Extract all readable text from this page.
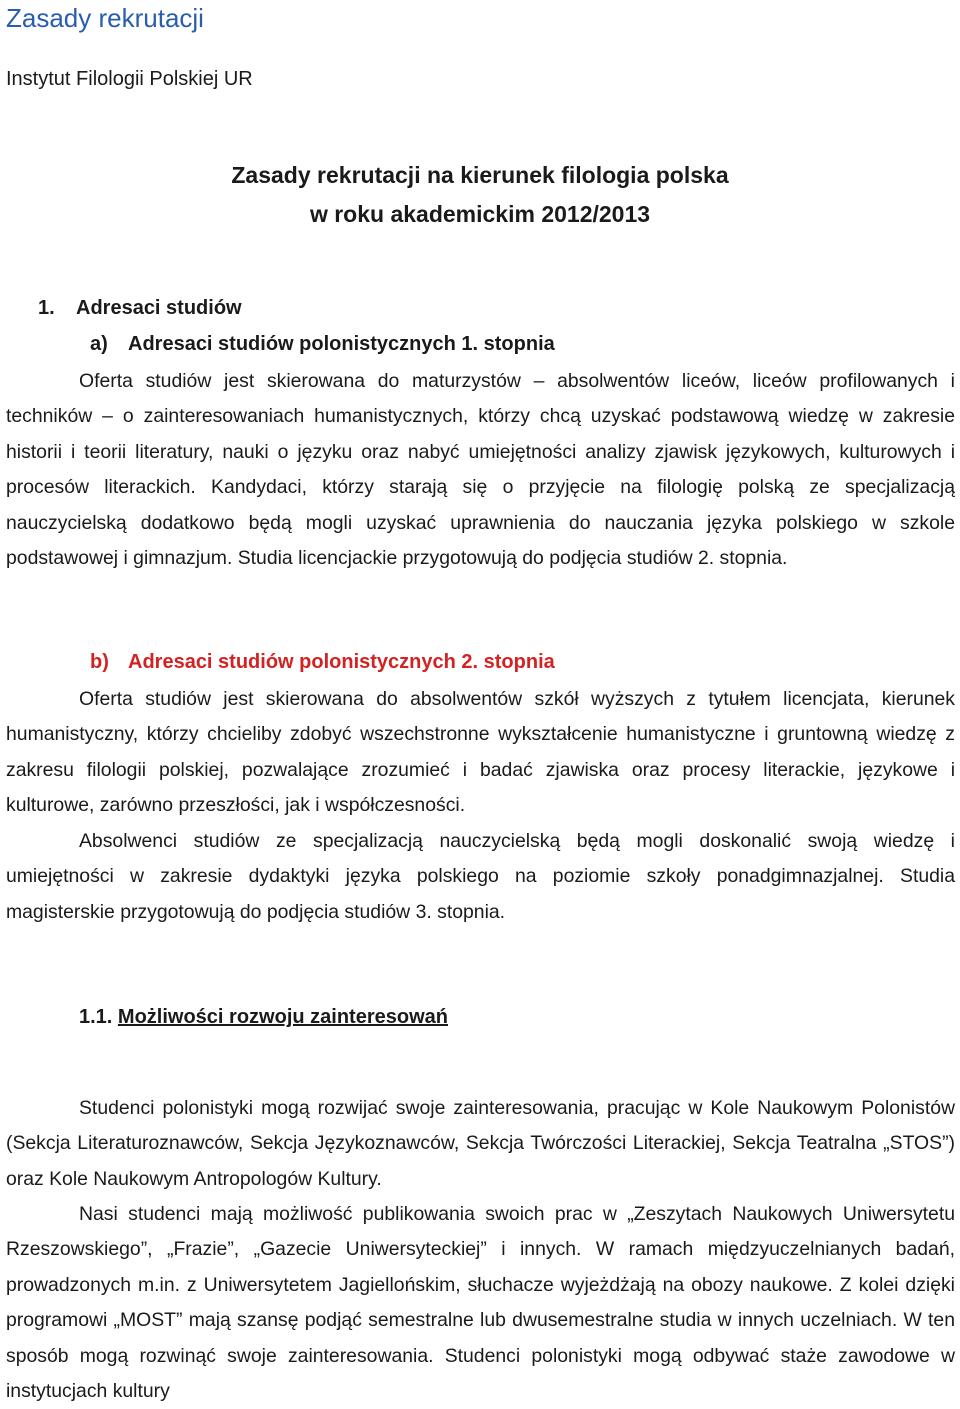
Zasady rekrutacji

Instytut Filologii Polskiej UR

Zasady rekrutacji na kierunek filologia polska
w roku akademickim 2012/2013
1. Adresaci studiów
a) Adresaci studiów polonistycznych 1. stopnia

Oferta studiów jest skierowana do maturzystów – absolwentów liceów, liceów profilowanych i techników – o zainteresowaniach humanistycznych, którzy chcą uzyskać podstawową wiedzę w zakresie historii i teorii literatury, nauki o języku oraz nabyć umiejętności analizy zjawisk językowych, kulturowych i procesów literackich. Kandydaci, którzy starają się o przyjęcie na filologię polską ze specjalizacją nauczycielską dodatkowo będą mogli uzyskać uprawnienia do nauczania języka polskiego w szkole podstawowej i gimnazjum. Studia licencjackie przygotowują do podjęcia studiów 2. stopnia.

b) Adresaci studiów polonistycznych 2. stopnia

Oferta studiów jest skierowana do absolwentów szkół wyższych z tytułem licencjata, kierunek humanistyczny, którzy chcieliby zdobyć wszechstronne wykształcenie humanistyczne i gruntowną wiedzę z zakresu filologii polskiej, pozwalające zrozumieć i badać zjawiska oraz procesy literackie, językowe i kulturowe, zarówno przeszłości, jak i współczesności.

Absolwenci studiów ze specjalizacją nauczycielską będą mogli doskonalić swoją wiedzę i umiejętności w zakresie dydaktyki języka polskiego na poziomie szkoły ponadgimnazjalnej. Studia magisterskie przygotowują do podjęcia studiów 3. stopnia.

1.1. Możliwości rozwoju zainteresowań

Studenci polonistyki mogą rozwijać swoje zainteresowania, pracując w Kole Naukowym Polonistów (Sekcja Literaturoznawców, Sekcja Językoznawców, Sekcja Twórczości Literackiej, Sekcja Teatralna „STOS”) oraz Kole Naukowym Antropologów Kultury.

Nasi studenci mają możliwość publikowania swoich prac w „Zeszytach Naukowych Uniwersytetu Rzeszowskiego”, „Frazie”, „Gazecie Uniwersyteckiej” i innych. W ramach międzyuczelnianych badań, prowadzonych m.in. z Uniwersytetem Jagiellońskim, słuchacze wyjeżdżają na obozy naukowe. Z kolei dzięki programowi „MOST” mają szansę podjąć semestralne lub dwusemestralne studia w innych uczelniach. W ten sposób mogą rozwinąć swoje zainteresowania. Studenci polonistyki mogą odbywać staże zawodowe w instytucjach kultury
